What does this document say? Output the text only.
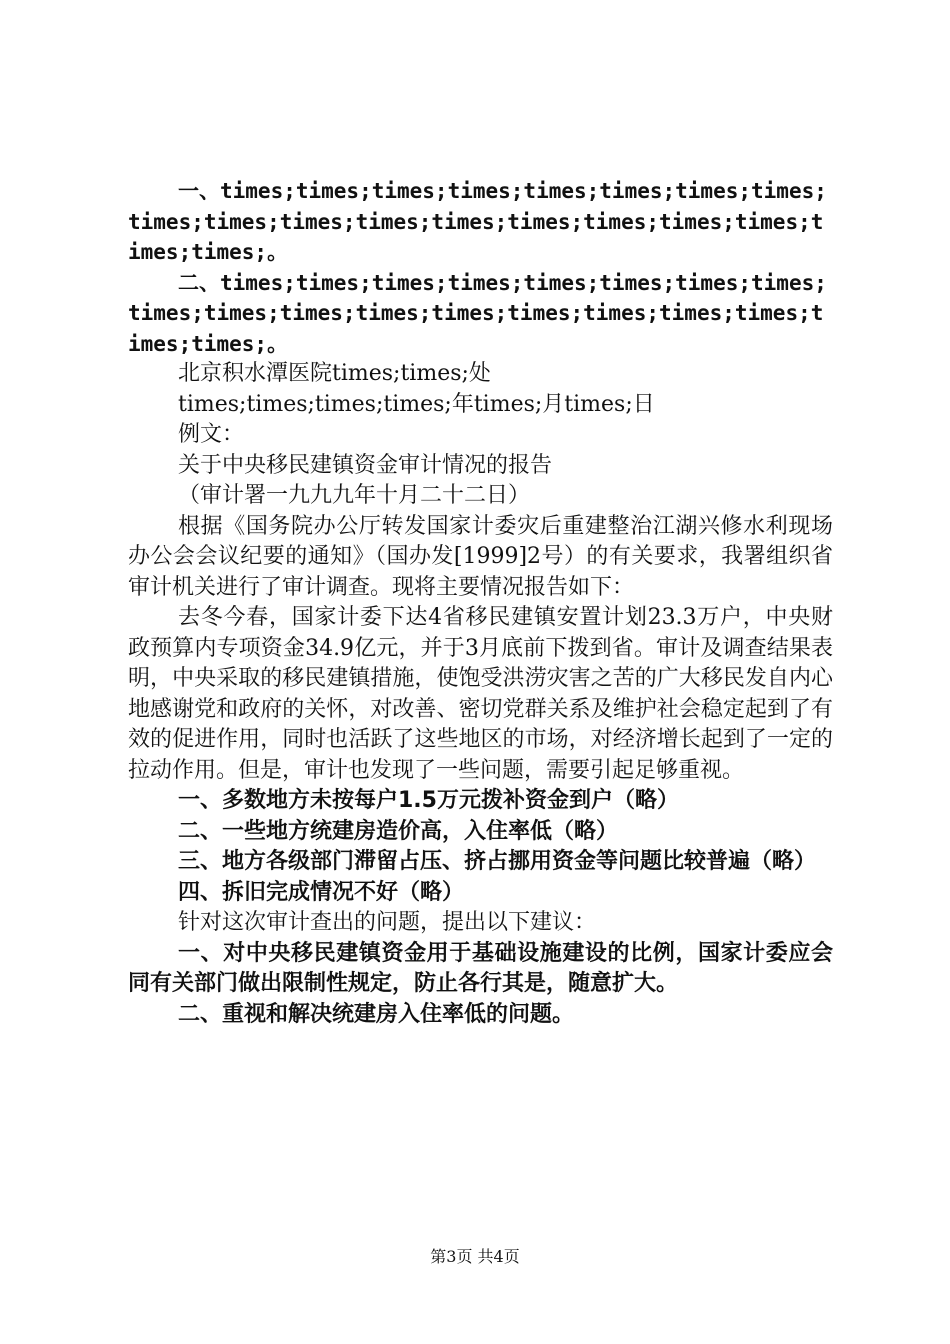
一、times;times;times;times;times;times;times;times;times;times;times;times;times;times;times;times;times;times;times;。

二、times;times;times;times;times;times;times;times;times;times;times;times;times;times;times;times;times;times;times;。

北京积水潭医院times;times;处

times;times;times;times;年times;月times;日

例文：

关于中央移民建镇资金审计情况的报告

（审计署一九九九年十月二十二日）

根据《国务院办公厅转发国家计委灾后重建整治江湖兴修水利现场办公会会议纪要的通知》（国办发[1999]2号）的有关要求，我署组织省审计机关进行了审计调查。现将主要情况报告如下：

去冬今春，国家计委下达4省移民建镇安置计划23.3万户，中央财政预算内专项资金34.9亿元，并于3月底前下拨到省。审计及调查结果表明，中央采取的移民建镇措施，使饱受洪涝灾害之苦的广大移民发自内心地感谢党和政府的关怀，对改善、密切党群关系及维护社会稳定起到了有效的促进作用，同时也活跃了这些地区的市场，对经济增长起到了一定的拉动作用。但是，审计也发现了一些问题，需要引起足够重视。

一、多数地方未按每户1.5万元拨补资金到户（略）

二、一些地方统建房造价高，入住率低（略）

三、地方各级部门滞留占压、挤占挪用资金等问题比较普遍（略）

四、拆旧完成情况不好（略）

针对这次审计查出的问题，提出以下建议：

一、对中央移民建镇资金用于基础设施建设的比例，国家计委应会同有关部门做出限制性规定，防止各行其是，随意扩大。

二、重视和解决统建房入住率低的问题。

第3页 共4页
